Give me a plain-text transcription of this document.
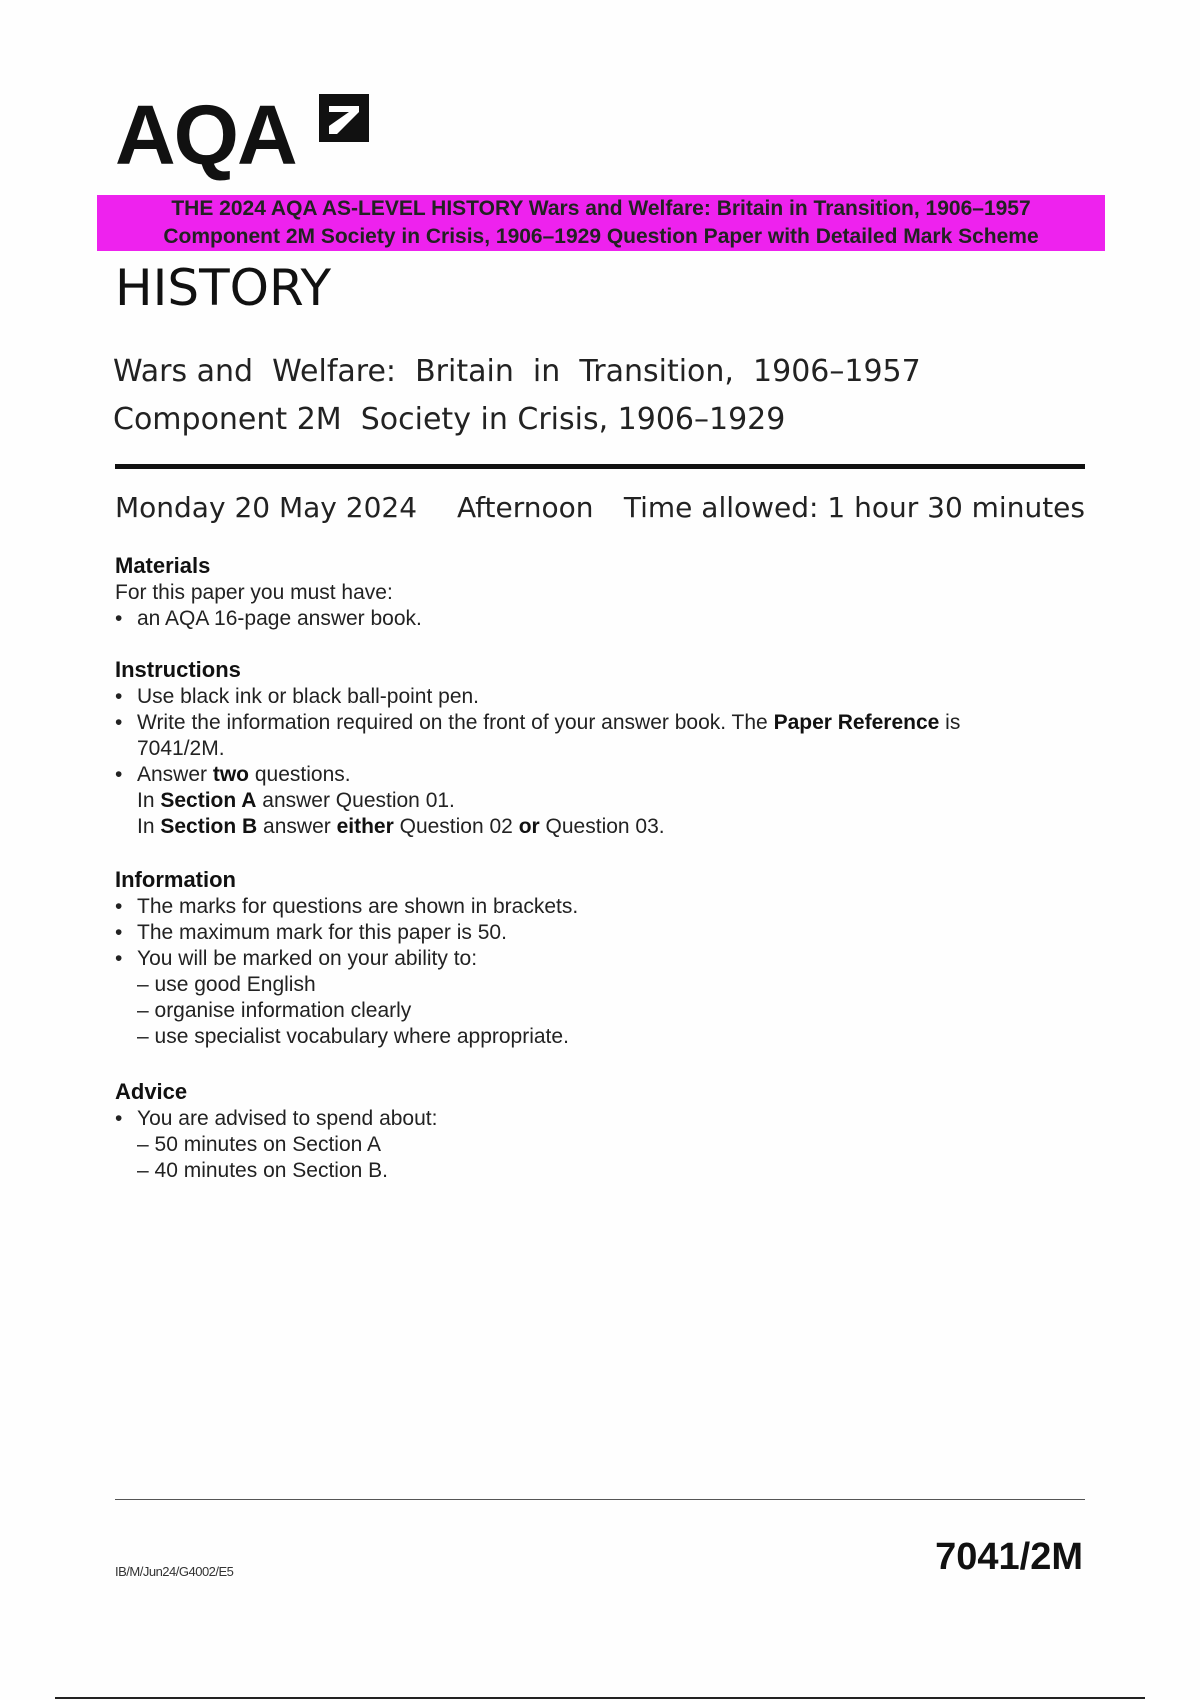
AQA
THE 2024 AQA AS-LEVEL HISTORY Wars and Welfare: Britain in Transition, 1906–1957
Component 2M Society in Crisis, 1906–1929 Question Paper with Detailed Mark Scheme
HISTORY
Wars and  Welfare:  Britain  in  Transition,  1906–1957
Component 2M  Society in Crisis, 1906–1929
Monday 20 May 2024 Afternoon Time allowed: 1 hour 30 minutes
Materials
For this paper you must have:
• an AQA 16-page answer book.
Instructions
• Use black ink or black ball-point pen.
• Write the information required on the front of your answer book. The Paper Reference is
7041/2M.
• Answer two questions.
In Section A answer Question 01.
In Section B answer either Question 02 or Question 03.
Information
• The marks for questions are shown in brackets.
• The maximum mark for this paper is 50.
• You will be marked on your ability to:
– use good English
– organise information clearly
– use specialist vocabulary where appropriate.
Advice
• You are advised to spend about:
– 50 minutes on Section A
– 40 minutes on Section B.
IB/M/Jun24/G4002/E5	7041/2M
